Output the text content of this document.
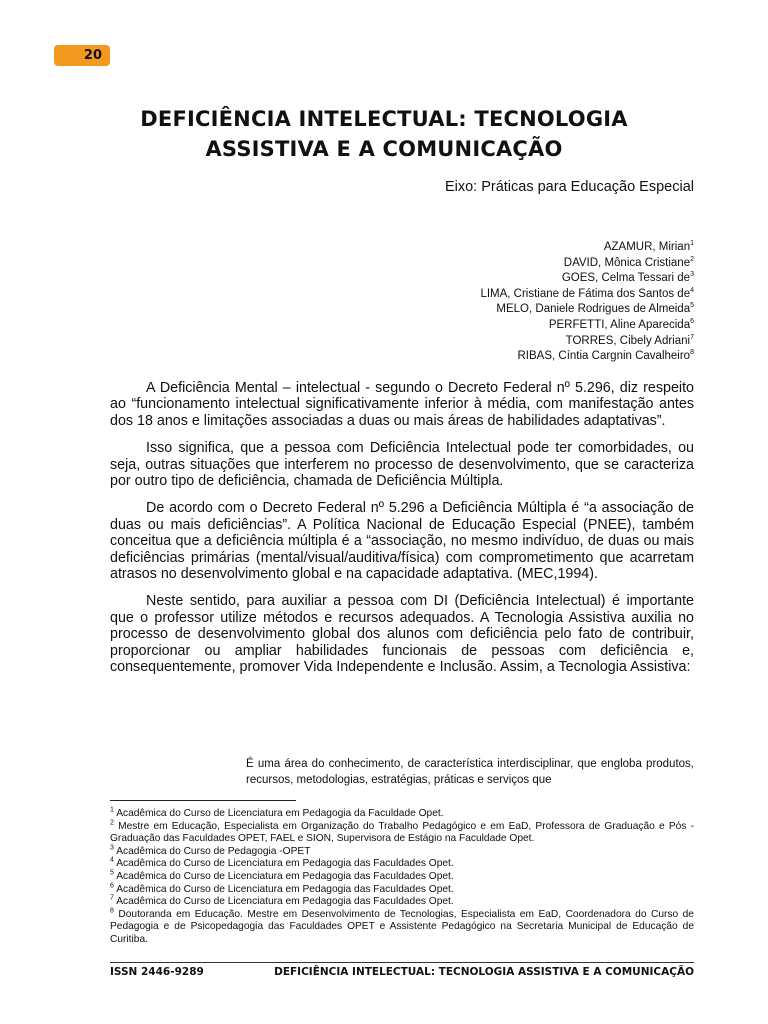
20
DEFICIÊNCIA INTELECTUAL: TECNOLOGIA
ASSISTIVA E A COMUNICAÇÃO
Eixo: Práticas para Educação Especial
AZAMUR, Mirian$^1$
DAVID, Mônica Cristiane$^2$
GOES, Celma Tessari $de^3$
LIMA, Cristiane de Fátima dos Santos $de^4$
MELO, Daniele Rodrigues de Almeida$^5$
PERFETTI, Aline Aparecida$^6$
TORRES, Cibely Adriani$^7$
RIBAS, Cíntia Cargnin Cavalheiro$^8$

A Deficiência Mental – intelectual - segundo o Decreto Federal nº 5.296, diz respeito ao “funcionamento intelectual significativamente inferior à média, com manifestação antes dos 18 anos e limitações associadas a duas ou mais áreas de habilidades adaptativas”.

Isso significa, que a pessoa com Deficiência Intelectual pode ter comorbidades, ou seja, outras situações que interferem no processo de desenvolvimento, que se caracteriza por outro tipo de deficiência, chamada de Deficiência Múltipla.

De acordo com o Decreto Federal nº 5.296 a Deficiência Múltipla é “a associação de duas ou mais deficiências”. A Política Nacional de Educação Especial (PNEE), também conceitua que a deficiência múltipla é a “associação, no mesmo indivíduo, de duas ou mais deficiências primárias (mental/visual/auditiva/física) com comprometimento que acarretam atrasos no desenvolvimento global e na capacidade adaptativa. (MEC,1994).

Neste sentido, para auxiliar a pessoa com DI (Deficiência Intelectual) é importante que o professor utilize métodos e recursos adequados. A Tecnologia Assistiva auxilia no processo de desenvolvimento global dos alunos com deficiência pelo fato de contribuir, proporcionar ou ampliar habilidades funcionais de pessoas com deficiência e, consequentemente, promover Vida Independente e Inclusão. Assim, a Tecnologia Assistiva:

É uma área do conhecimento, de característica interdisciplinar, que engloba produtos, recursos, metodologias, estratégias, práticas e serviços que
$^1$ Acadêmica do Curso de Licenciatura em Pedagogia da Faculdade Opet.
$^2$ Mestre em Educação, Especialista em Organização do Trabalho Pedagógico e em EaD, Professora de Graduação e Pós -Graduação das Faculdades OPET, FAEL e SION, Supervisora de Estágio na Faculdade Opet.
$^3$ Acadêmica do Curso de Pedagogia -OPET
$^4$ Acadêmica do Curso de Licenciatura em Pedagogia das Faculdades Opet.
$^5$ Acadêmica do Curso de Licenciatura em Pedagogia das Faculdades Opet.
$^6$ Acadêmica do Curso de Licenciatura em Pedagogia das Faculdades Opet.
$^7$ Acadêmica do Curso de Licenciatura em Pedagogia das Faculdades Opet.
$^8$ Doutoranda em Educação. Mestre em Desenvolvimento de Tecnologias, Especialista em EaD, Coordenadora do Curso de Pedagogia e de Psicopedagogia das Faculdades OPET e Assistente Pedagógico na Secretaria Municipal de Educação de Curitiba.
ISSN 2446-9289	DEFICIÊNCIA INTELECTUAL: TECNOLOGIA ASSISTIVA E A COMUNICAÇÃO
